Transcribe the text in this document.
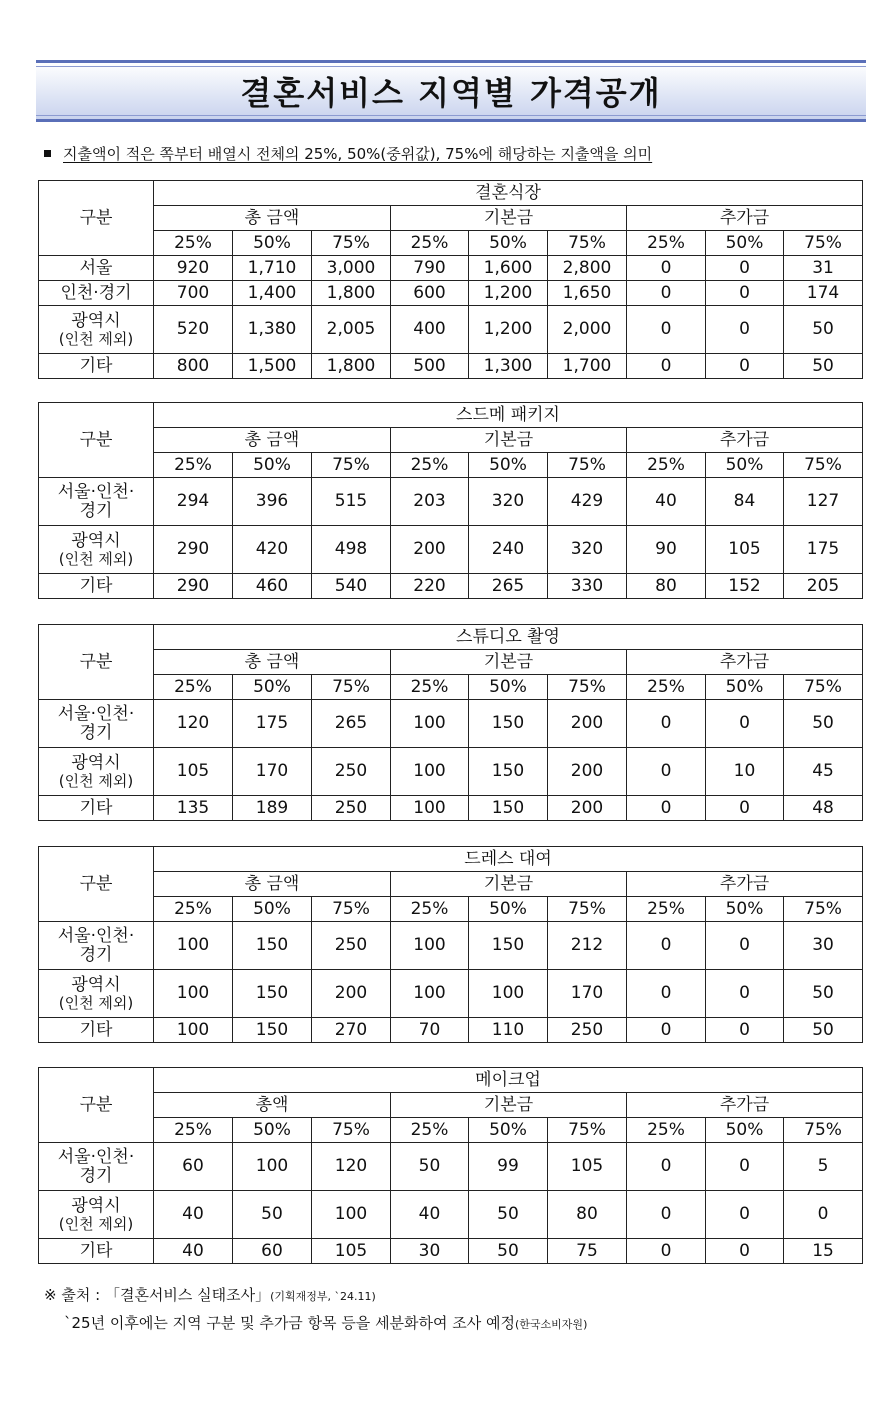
결혼서비스 지역별 가격공개
지출액이 적은 쪽부터 배열시 전체의 25%, 50%(중위값), 75%에 해당하는 지출액을 의미
구분	결혼식장								
	총 금액			기본금			추가금		
	25%	50%	75%	25%	50%	75%	25%	50%	75%

서울	920	1,710	3,000	790	1,600	2,800	0	0	31

인천·경기	700	1,400	1,800	600	1,200	1,650	0	0	174

광역시
(인천 제외)	520	1,380	2,005	400	1,200	2,000	0	0	50

기타	800	1,500	1,800	500	1,300	1,700	0	0	50
구분	스드메 패키지								
	총 금액			기본금			추가금		
	25%	50%	75%	25%	50%	75%	25%	50%	75%

서울·인천·
경기	294	396	515	203	320	429	40	84	127

광역시
(인천 제외)	290	420	498	200	240	320	90	105	175

기타	290	460	540	220	265	330	80	152	205
구분	스튜디오 촬영								
	총 금액			기본금			추가금		
	25%	50%	75%	25%	50%	75%	25%	50%	75%

서울·인천·
경기	120	175	265	100	150	200	0	0	50

광역시
(인천 제외)	105	170	250	100	150	200	0	10	45

기타	135	189	250	100	150	200	0	0	48
구분	드레스 대여								
	총 금액			기본금			추가금		
	25%	50%	75%	25%	50%	75%	25%	50%	75%

서울·인천·
경기	100	150	250	100	150	212	0	0	30

광역시
(인천 제외)	100	150	200	100	100	170	0	0	50

기타	100	150	270	70	110	250	0	0	50
구분	메이크업								
	총액			기본금			추가금		
	25%	50%	75%	25%	50%	75%	25%	50%	75%

서울·인천·
경기	60	100	120	50	99	105	0	0	5

광역시
(인천 제외)	40	50	100	40	50	80	0	0	0

기타	40	60	105	30	50	75	0	0	15
※ 출처 : 「결혼서비스 실태조사」(기획재정부, `24.11)
`25년 이후에는 지역 구분 및 추가금 항목 등을 세분화하여 조사 예정(한국소비자원)
